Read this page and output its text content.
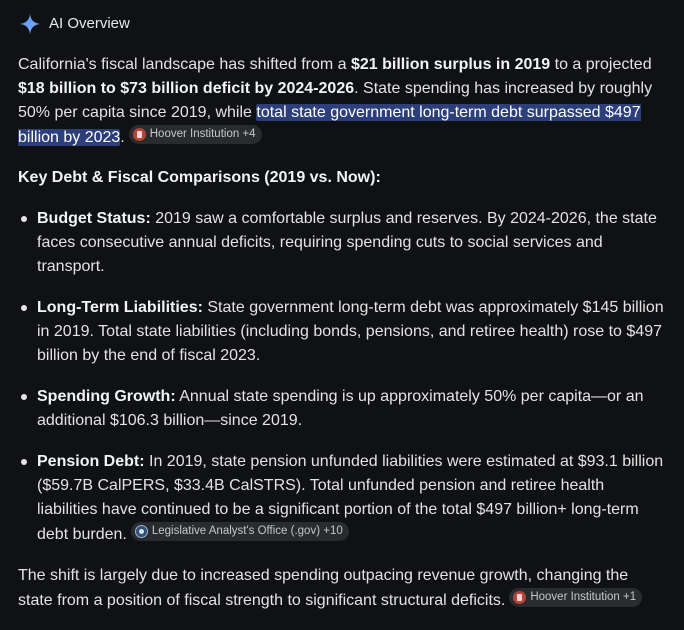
AI Overview

California's fiscal landscape has shifted from a $21 billion surplus in 2019 to a projected $18 billion to $73 billion deficit by 2024-2026. State spending has increased by roughly 50% per capita since 2019, while total state government long-term debt surpassed $497 billion by 2023. Hoover Institution +4

Key Debt & Fiscal Comparisons (2019 vs. Now):

Budget Status: 2019 saw a comfortable surplus and reserves. By 2024-2026, the state faces consecutive annual deficits, requiring spending cuts to social services and transport.
Long-Term Liabilities: State government long-term debt was approximately $145 billion in 2019. Total state liabilities (including bonds, pensions, and retiree health) rose to $497 billion by the end of fiscal 2023.
Spending Growth: Annual state spending is up approximately 50% per capita—or an additional $106.3 billion—since 2019.
Pension Debt: In 2019, state pension unfunded liabilities were estimated at $93.1 billion ($59.7B CalPERS, $33.4B CalSTRS). Total unfunded pension and retiree health liabilities have continued to be a significant portion of the total $497 billion+ long-term debt burden. Legislative Analyst's Office (.gov) +10

The shift is largely due to increased spending outpacing revenue growth, changing the state from a position of fiscal strength to significant structural deficits. Hoover Institution +1
